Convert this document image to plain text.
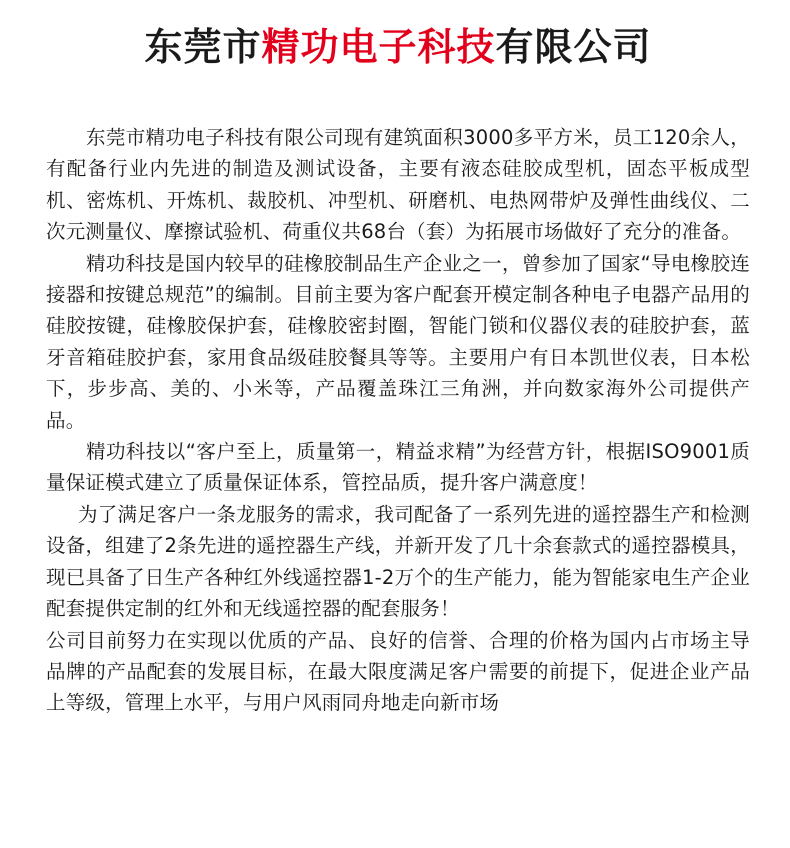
东莞市精功电子科技有限公司

东莞市精功电子科技有限公司现有建筑面积3000多平方米，员工120余人， 有配备行业内先进的制造及测试设备，主要有液态硅胶成型机，固态平板成型机、密炼机、开炼机、裁胶机、冲型机、研磨机、电热网带炉及弹性曲线仪、二次元测量仪、摩擦试验机、荷重仪共68台（套）为拓展市场做好了充分的准备。

精功科技是国内较早的硅橡胶制品生产企业之一，曾参加了国家“导电橡胶连接器和按键总规范”的编制。目前主要为客户配套开模定制各种电子电器产品用的硅胶按键，硅橡胶保护套，硅橡胶密封圈，智能门锁和仪器仪表的硅胶护套，蓝牙音箱硅胶护套，家用食品级硅胶餐具等等。主要用户有日本凯世仪表，日本松下，步步高、美的、小米等，产品覆盖珠江三角洲，并向数家海外公司提供产品。

精功科技以“客户至上，质量第一，精益求精”为经营方针，根据ISO9001质量保证模式建立了质量保证体系，管控品质，提升客户满意度！

为了满足客户一条龙服务的需求，我司配备了一系列先进的遥控器生产和检测设备，组建了2条先进的遥控器生产线，并新开发了几十余套款式的遥控器模具，现已具备了日生产各种红外线遥控器1-2万个的生产能力，能为智能家电生产企业配套提供定制的红外和无线遥控器的配套服务！

公司目前努力在实现以优质的产品、良好的信誉、合理的价格为国内占市场主导品牌的产品配套的发展目标，在最大限度满足客户需要的前提下，促进企业产品上等级，管理上水平，与用户风雨同舟地走向新市场
